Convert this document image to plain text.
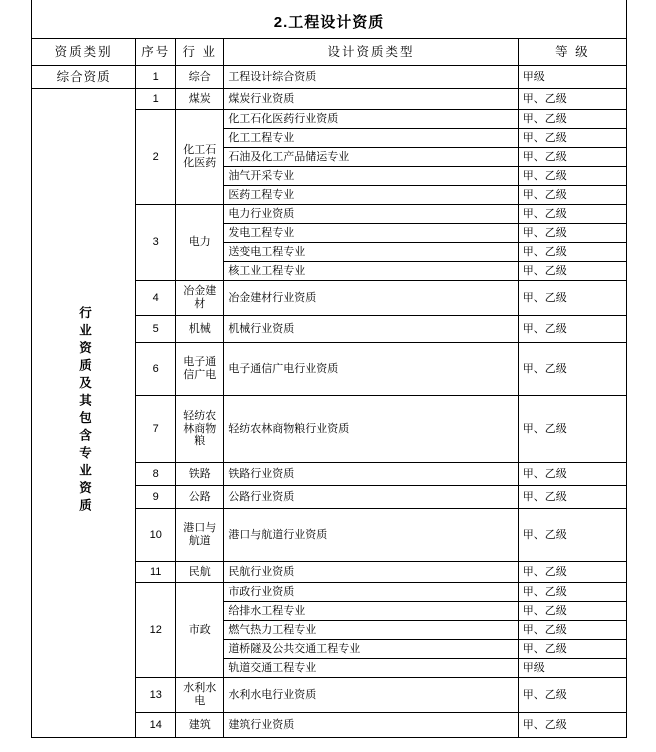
2.工程设计资质
资质类别	序号	行 业	设计资质类型	等 级
综合资质	1	综合	工程设计综合资质	甲级
行业资质及其包含专业资质	1	煤炭	煤炭行业资质	甲、乙级
	2	化工石化医药	化工石化医药行业资质	甲、乙级
			化工工程专业	甲、乙级
			石油及化工产品储运专业	甲、乙级
			油气开采专业	甲、乙级
			医药工程专业	甲、乙级
	3	电力	电力行业资质	甲、乙级
			发电工程专业	甲、乙级
			送变电工程专业	甲、乙级
			核工业工程专业	甲、乙级
	4	冶金建材	冶金建材行业资质	甲、乙级
	5	机械	机械行业资质	甲、乙级
	6	电子通信广电	电子通信广电行业资质	甲、乙级
	7	轻纺农林商物粮	轻纺农林商物粮行业资质	甲、乙级
	8	铁路	铁路行业资质	甲、乙级
	9	公路	公路行业资质	甲、乙级
	10	港口与航道	港口与航道行业资质	甲、乙级
	11	民航	民航行业资质	甲、乙级
	12	市政	市政行业资质	甲、乙级
			给排水工程专业	甲、乙级
			燃气热力工程专业	甲、乙级
			道桥隧及公共交通工程专业	甲、乙级
			轨道交通工程专业	甲级
	13	水利水电	水利水电行业资质	甲、乙级
	14	建筑	建筑行业资质	甲、乙级
